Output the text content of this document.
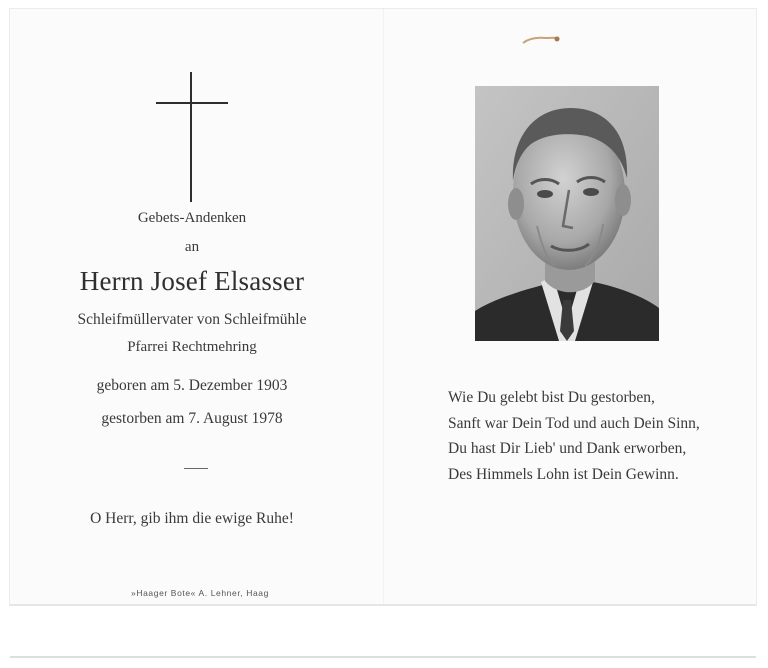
Gebets-Andenken
an
Herrn Josef Elsasser
Schleifmüllervater von Schleifmühle
Pfarrei Rechtmehring
geboren am 5. Dezember 1903
gestorben am 7. August 1978
O Herr, gib ihm die ewige Ruhe!
»Haager Bote« A. Lehner, Haag
Wie Du gelebt bist Du gestorben,
Sanft war Dein Tod und auch Dein Sinn,
Du hast Dir Lieb' und Dank erworben,
Des Himmels Lohn ist Dein Gewinn.
